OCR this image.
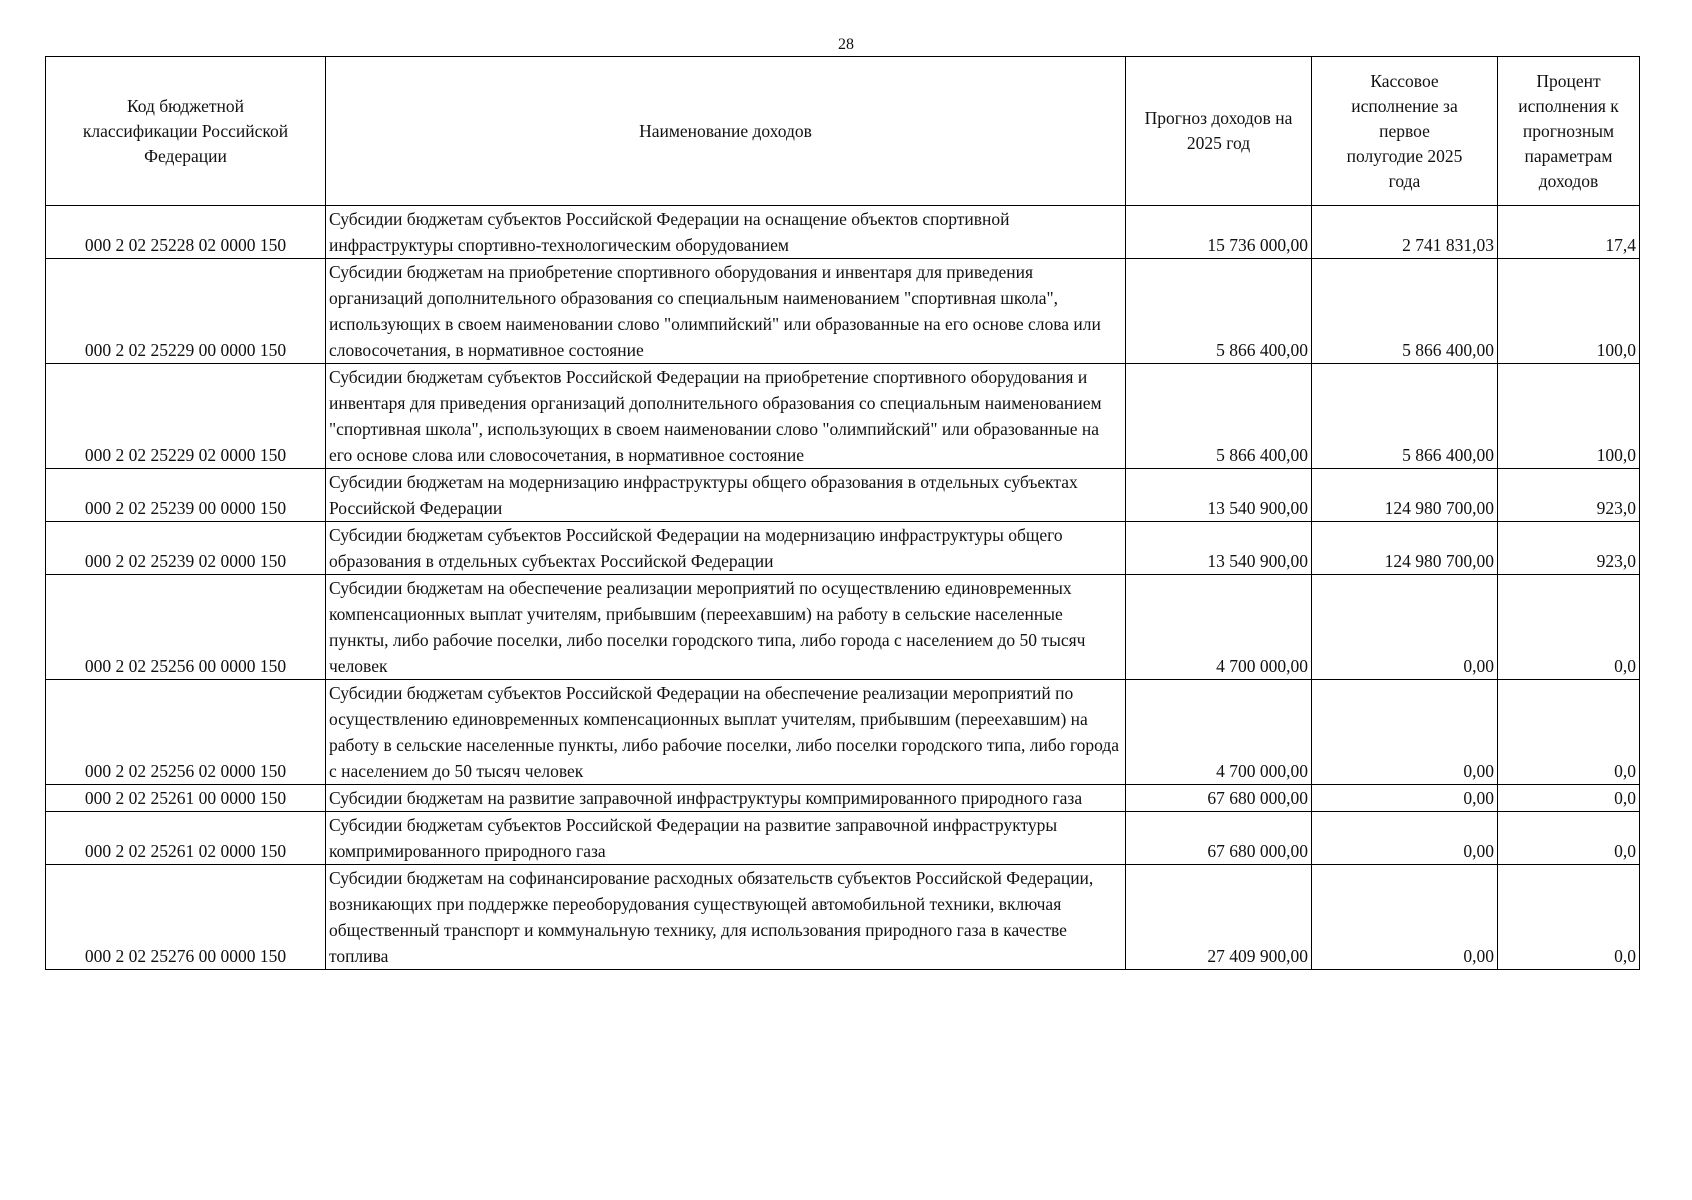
28
Код бюджетной классификации Российской Федерации	Наименование доходов	Прогноз доходов на 2025 год	Кассовое исполнение за первое полугодие 2025 года	Процент исполнения к прогнозным параметрам доходов
000 2 02 25228 02 0000 150	Субсидии бюджетам субъектов Российской Федерации на оснащение объектов спортивной инфраструктуры спортивно-технологическим оборудованием	15 736 000,00	2 741 831,03	17,4
000 2 02 25229 00 0000 150	Субсидии бюджетам на приобретение спортивного оборудования и инвентаря для приведения организаций дополнительного образования со специальным наименованием "спортивная школа", использующих в своем наименовании слово "олимпийский" или образованные на его основе слова или словосочетания, в нормативное состояние	5 866 400,00	5 866 400,00	100,0
000 2 02 25229 02 0000 150	Субсидии бюджетам субъектов Российской Федерации на приобретение спортивного оборудования и инвентаря для приведения организаций дополнительного образования со специальным наименованием "спортивная школа", использующих в своем наименовании слово "олимпийский" или образованные на его основе слова или словосочетания, в нормативное состояние	5 866 400,00	5 866 400,00	100,0
000 2 02 25239 00 0000 150	Субсидии бюджетам на модернизацию инфраструктуры общего образования в отдельных субъектах Российской Федерации	13 540 900,00	124 980 700,00	923,0
000 2 02 25239 02 0000 150	Субсидии бюджетам субъектов Российской Федерации на модернизацию инфраструктуры общего образования в отдельных субъектах Российской Федерации	13 540 900,00	124 980 700,00	923,0
000 2 02 25256 00 0000 150	Субсидии бюджетам на обеспечение реализации мероприятий по осуществлению единовременных компенсационных выплат учителям, прибывшим (переехавшим) на работу в сельские населенные пункты, либо рабочие поселки, либо поселки городского типа, либо города с населением до 50 тысяч человек	4 700 000,00	0,00	0,0
000 2 02 25256 02 0000 150	Субсидии бюджетам субъектов Российской Федерации на обеспечение реализации мероприятий по осуществлению единовременных компенсационных выплат учителям, прибывшим (переехавшим) на работу в сельские населенные пункты, либо рабочие поселки, либо поселки городского типа, либо города с населением до 50 тысяч человек	4 700 000,00	0,00	0,0
000 2 02 25261 00 0000 150	Субсидии бюджетам на развитие заправочной инфраструктуры компримированного природного газа	67 680 000,00	0,00	0,0
000 2 02 25261 02 0000 150	Субсидии бюджетам субъектов Российской Федерации на развитие заправочной инфраструктуры компримированного природного газа	67 680 000,00	0,00	0,0
000 2 02 25276 00 0000 150	Субсидии бюджетам на софинансирование расходных обязательств субъектов Российской Федерации, возникающих при поддержке переоборудования существующей автомобильной техники, включая общественный транспорт и коммунальную технику, для использования природного газа в качестве топлива	27 409 900,00	0,00	0,0
